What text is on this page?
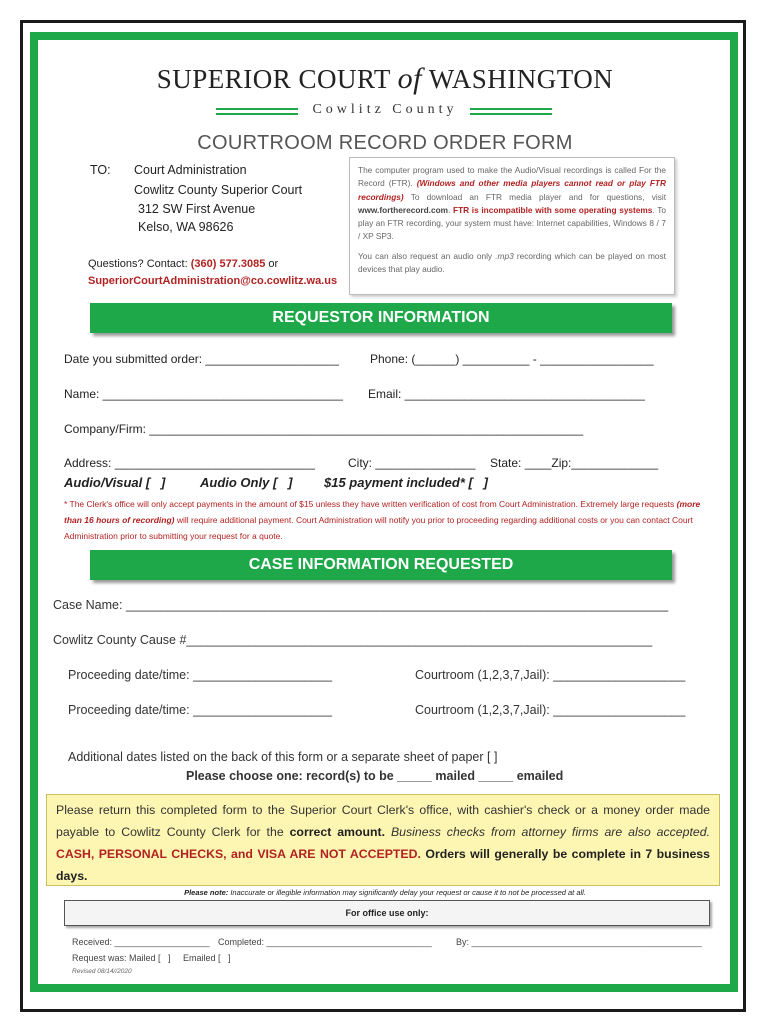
SUPERIOR COURT of WASHINGTON
Cowlitz County
COURTROOM RECORD ORDER FORM
TO: Court Administration
Cowlitz County Superior Court
312 SW First Avenue
Kelso, WA 98626
Questions? Contact: (360) 577.3085 or
SuperiorCourtAdministration@co.cowlitz.wa.us
The computer program used to make the Audio/Visual recordings is called For the Record (FTR). (Windows and other media players cannot read or play FTR recordings) To download an FTR media player and for questions, visit www.fortherecord.com. FTR is incompatible with some operating systems. To play an FTR recording, your system must have: Internet capabilities, Windows 8 / 7 / XP SP3.
You can also request an audio only .mp3 recording which can be played on most devices that play audio.
REQUESTOR INFORMATION
Date you submitted order: ____________________	Phone: (______) __________ - _________________
Name: ____________________________________ Email: ____________________________________
Company/Firm: _________________________________________________________________
Address: ______________________________	City: _______________ State: ____Zip:_____________
Audio/Visual [   ]	Audio Only [   ] $15 payment included* [   ]
* The Clerk's office will only accept payments in the amount of $15 unless they have written verification of cost from Court Administration. Extremely large requests (more than 16 hours of recording) will require additional payment. Court Administration will notify you prior to proceeding regarding additional costs or you can contact Court Administration prior to submitting your request for a quote.
CASE INFORMATION REQUESTED
Case Name: ______________________________________________________________________________
Cowlitz County Cause #___________________________________________________________________
Proceeding date/time: ____________________	Courtroom (1,2,3,7,Jail): ___________________
Proceeding date/time: ____________________	Courtroom (1,2,3,7,Jail): ___________________
Additional dates listed on the back of this form or a separate sheet of paper [ ]
Please choose one: record(s) to be _____ mailed _____ emailed
Please return this completed form to the Superior Court Clerk's office, with cashier's check or a money order made payable to Cowlitz County Clerk for the correct amount. Business checks from attorney firms are also accepted. CASH, PERSONAL CHECKS, and VISA ARE NOT ACCEPTED. Orders will generally be complete in 7 business days.
Please note: Inaccurate or illegible information may significantly delay your request or cause it to not be processed at all.
For office use only:
Received: ___________________ Completed: _________________________________	By: ______________________________________________
Request was: Mailed [   ]     Emailed [   ]
Revised 08/14//2020
